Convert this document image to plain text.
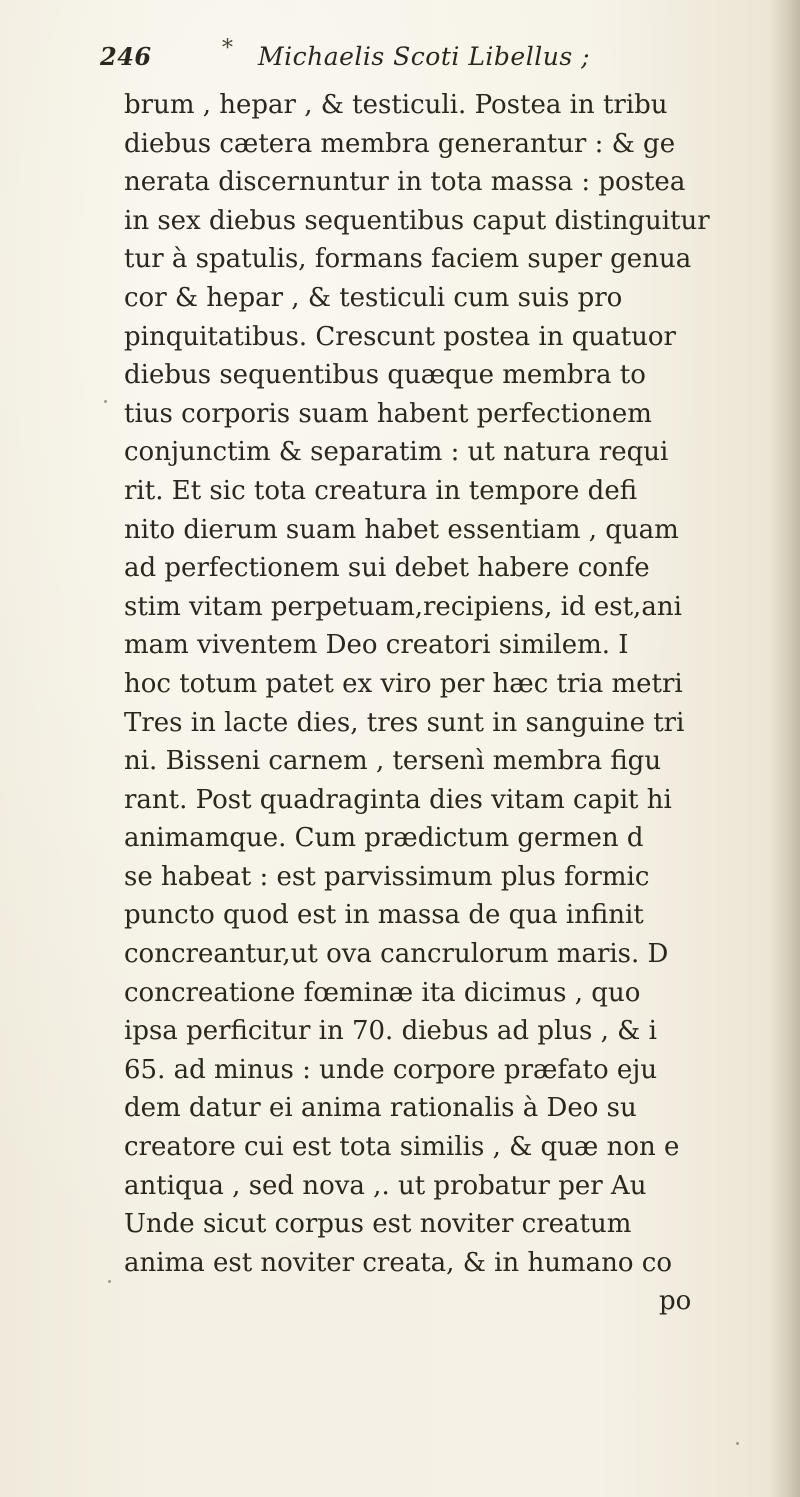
246	* Michaelis Scoti Libellus ;
brum , hepar , & testiculi. Postea in tribu
diebus cætera membra generantur : & ge
nerata discernuntur in tota massa : postea
in sex diebus sequentibus caput distinguitur
tur à spatulis, formans faciem super genua
cor & hepar , & testiculi cum suis pro
pinquitatibus. Crescunt postea in quatuor
diebus sequentibus quæque membra to
tius corporis suam habent perfectionem
conjunctim & separatim : ut natura requi
rit. Et sic tota creatura in tempore defi
nito dierum suam habet essentiam , quam
ad perfectionem sui debet habere confe
stim vitam perpetuam,recipiens, id est,ani
mam viventem Deo creatori similem. I
hoc totum patet ex viro per hæc tria metri
Tres in lacte dies, tres sunt in sanguine tri
ni. Bisseni carnem , tersenì membra figu
rant. Post quadraginta dies vitam capit hi
animamque. Cum prædictum germen d
se habeat : est parvissimum plus formic
puncto quod est in massa de qua infinit
concreantur,ut ova cancrulorum maris. D
concreatione fœminæ ita dicimus , quo
ipsa perficitur in 70. diebus ad plus , & i
65. ad minus : unde corpore præfato eju
dem datur ei anima rationalis à Deo su
creatore cui est tota similis , & quæ non e
antiqua , sed nova ,. ut probatur per Au
Unde sicut corpus est noviter creatum
anima est noviter creata, & in humano co
po
